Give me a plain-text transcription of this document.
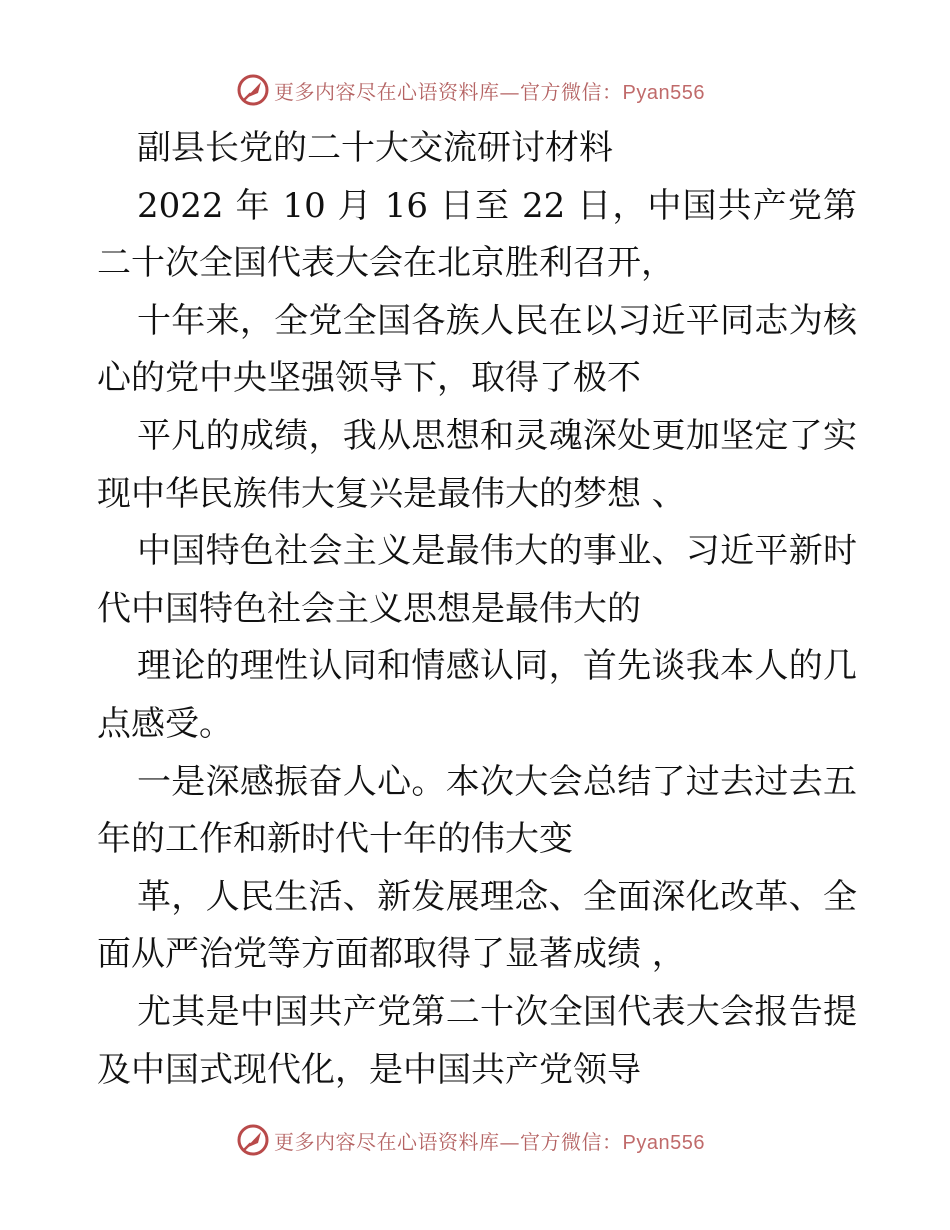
更多内容尽在心语资料库—官方微信：Pyan556
副县长党的二十大交流研讨材料
2022 年 10 月 16 日至 22 日，中国共产党第
二十次全国代表大会在北京胜利召开，
十年来，全党全国各族人民在以习近平同志为核
心的党中央坚强领导下，取得了极不
平凡的成绩，我从思想和灵魂深处更加坚定了实
现中华民族伟大复兴是最伟大的梦想 、
中国特色社会主义是最伟大的事业、习近平新时
代中国特色社会主义思想是最伟大的
理论的理性认同和情感认同，首先谈我本人的几
点感受。
一是深感振奋人心。本次大会总结了过去过去五
年的工作和新时代十年的伟大变
革，人民生活、新发展理念、全面深化改革、全
面从严治党等方面都取得了显著成绩 ，
尤其是中国共产党第二十次全国代表大会报告提
及中国式现代化，是中国共产党领导
更多内容尽在心语资料库—官方微信：Pyan556
